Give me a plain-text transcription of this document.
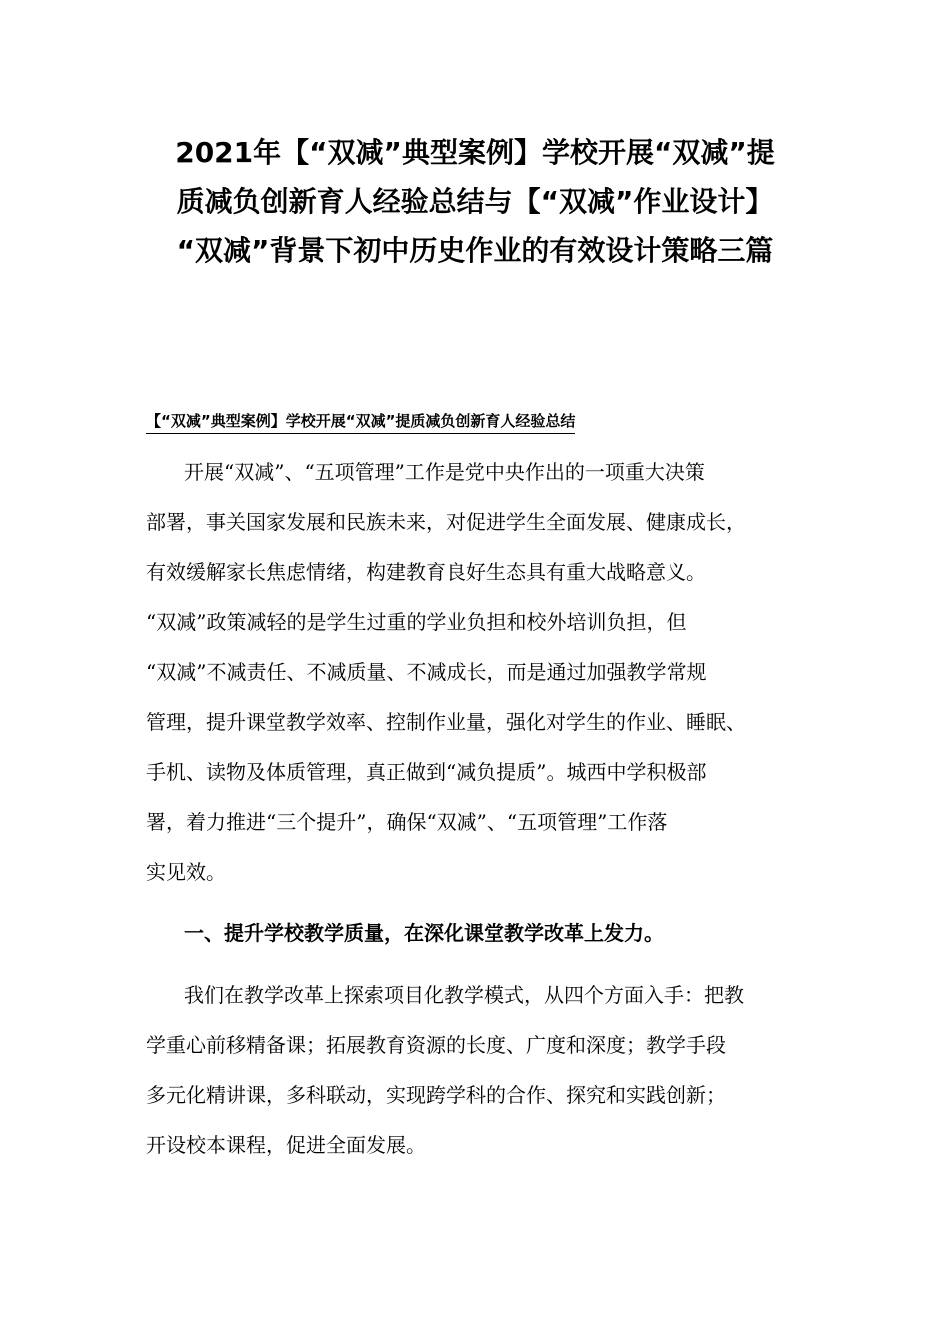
2021年【“双减”典型案例】学校开展“双减”提
质减负创新育人经验总结与【“双减”作业设计】
“双减”背景下初中历史作业的有效设计策略三篇
【“双减”典型案例】学校开展“双减”提质减负创新育人经验总结

开展“双减”、“五项管理”工作是党中央作出的一项重大决策
部署，事关国家发展和民族未来，对促进学生全面发展、健康成长，
有效缓解家长焦虑情绪，构建教育良好生态具有重大战略意义。
“双减”政策减轻的是学生过重的学业负担和校外培训负担，但
“双减”不减责任、不减质量、不减成长，而是通过加强教学常规
管理，提升课堂教学效率、控制作业量，强化对学生的作业、睡眠、
手机、读物及体质管理，真正做到“减负提质”。城西中学积极部
署，着力推进“三个提升”，确保“双减”、“五项管理”工作落
实见效。

一、提升学校教学质量，在深化课堂教学改革上发力。

我们在教学改革上探索项目化教学模式，从四个方面入手：把教
学重心前移精备课；拓展教育资源的长度、广度和深度；教学手段
多元化精讲课，多科联动，实现跨学科的合作、探究和实践创新；
开设校本课程，促进全面发展。
